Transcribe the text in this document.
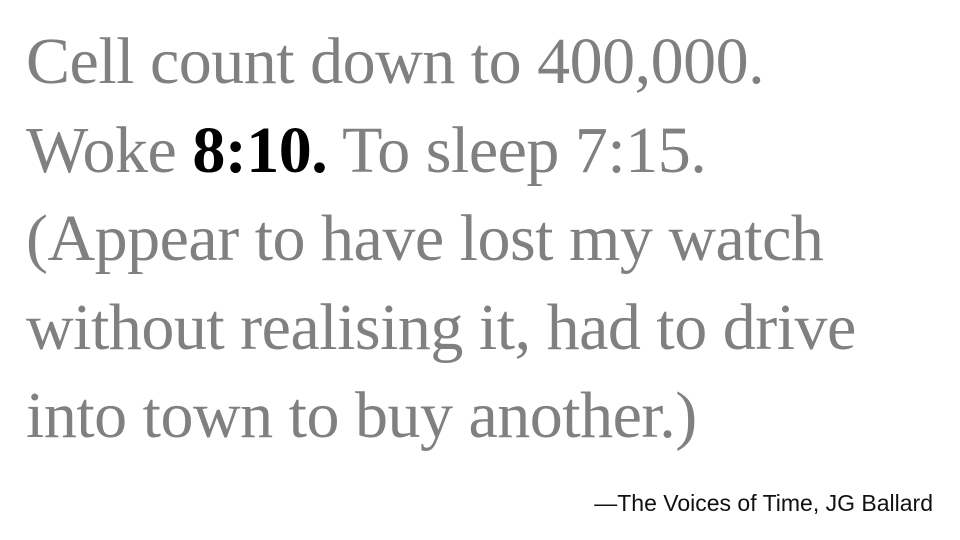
Cell count down to 400,000.
Woke 8:10. To sleep 7:15.
(Appear to have lost my watch
without realising it, had to drive
into town to buy another.)
—The Voices of Time, JG Ballard
